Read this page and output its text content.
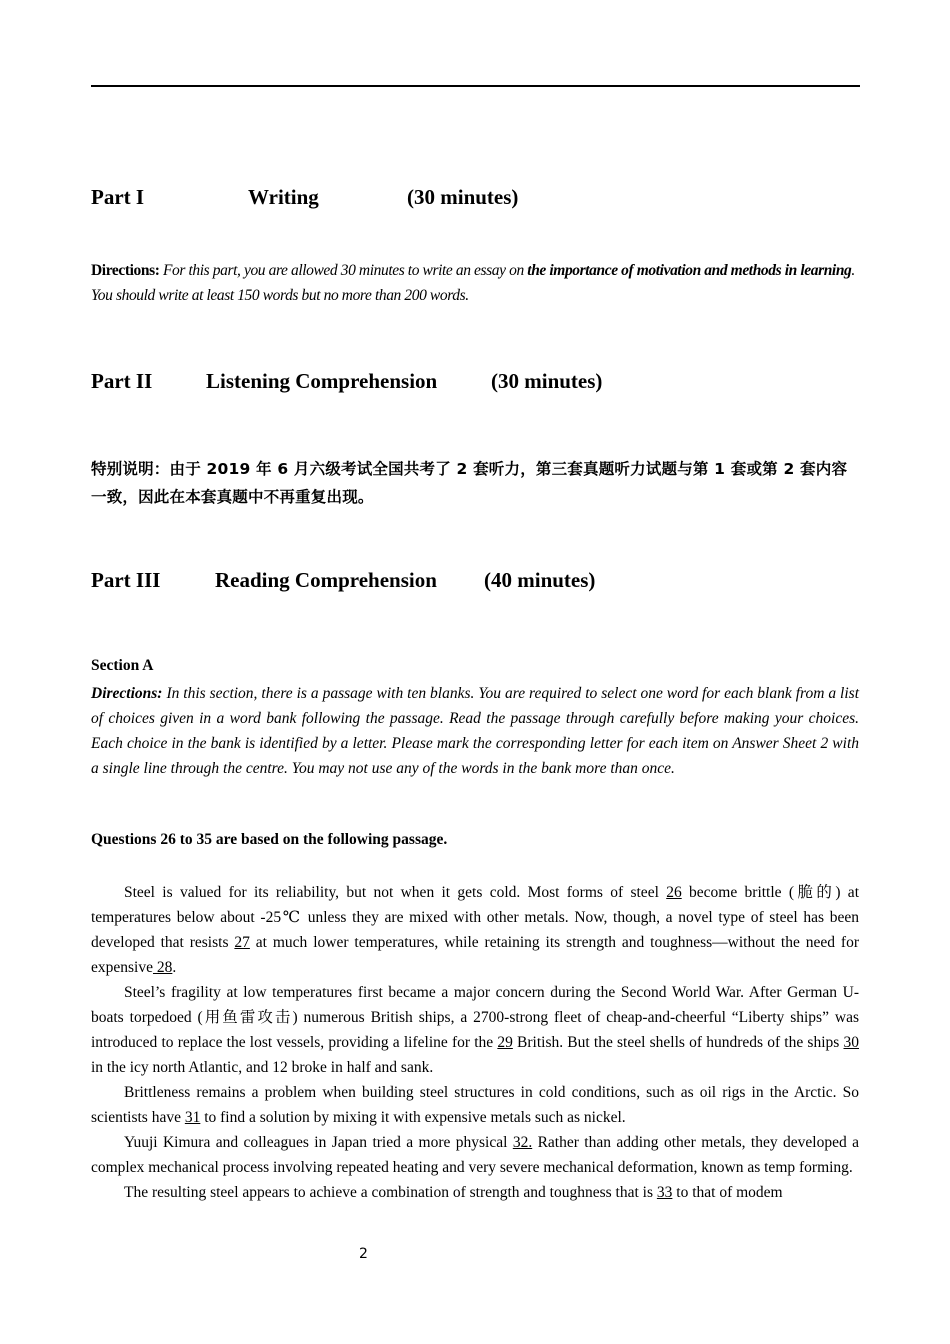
Part I	Writing	(30 minutes)
Directions: For this part, you are allowed 30 minutes to write an essay on the importance of motivation and methods in learning. You should write at least 150 words but no more than 200 words.
Part II	Listening Comprehension	(30 minutes)
特别说明：由于 2019 年 6 月六级考试全国共考了 2 套听力，第三套真题听力试题与第 1 套或第 2 套内容一致，因此在本套真题中不再重复出现。
Part III	Reading Comprehension (40 minutes)
Section A
Directions: In this section, there is a passage with ten blanks. You are required to select one word for each blank from a list of choices given in a word bank following the passage. Read the passage through carefully before making your choices. Each choice in the bank is identified by a letter. Please mark the corresponding letter for each item on Answer Sheet 2 with a single line through the centre. You may not use any of the words in the bank more than once.
Questions 26 to 35 are based on the following passage.

Steel is valued for its reliability, but not when it gets cold. Most forms of steel 26 become brittle (脆的) at temperatures below about -25℃ unless they are mixed with other metals. Now, though, a novel type of steel has been developed that resists 27 at much lower temperatures, while retaining its strength and toughness—without the need for expensive 28.

Steel’s fragility at low temperatures first became a major concern during the Second World War. After German U-boats torpedoed (用鱼雷攻击) numerous British ships, a 2700-strong fleet of cheap-and-cheerful “Liberty ships” was introduced to replace the lost vessels, providing a lifeline for the 29 British. But the steel shells of hundreds of the ships 30 in the icy north Atlantic, and 12 broke in half and sank.

Brittleness remains a problem when building steel structures in cold conditions, such as oil rigs in the Arctic. So scientists have 31 to find a solution by mixing it with expensive metals such as nickel.

Yuuji Kimura and colleagues in Japan tried a more physical 32. Rather than adding other metals, they developed a complex mechanical process involving repeated heating and very severe mechanical deformation, known as temp forming.

The resulting steel appears to achieve a combination of strength and toughness that is 33 to that of modem

2
